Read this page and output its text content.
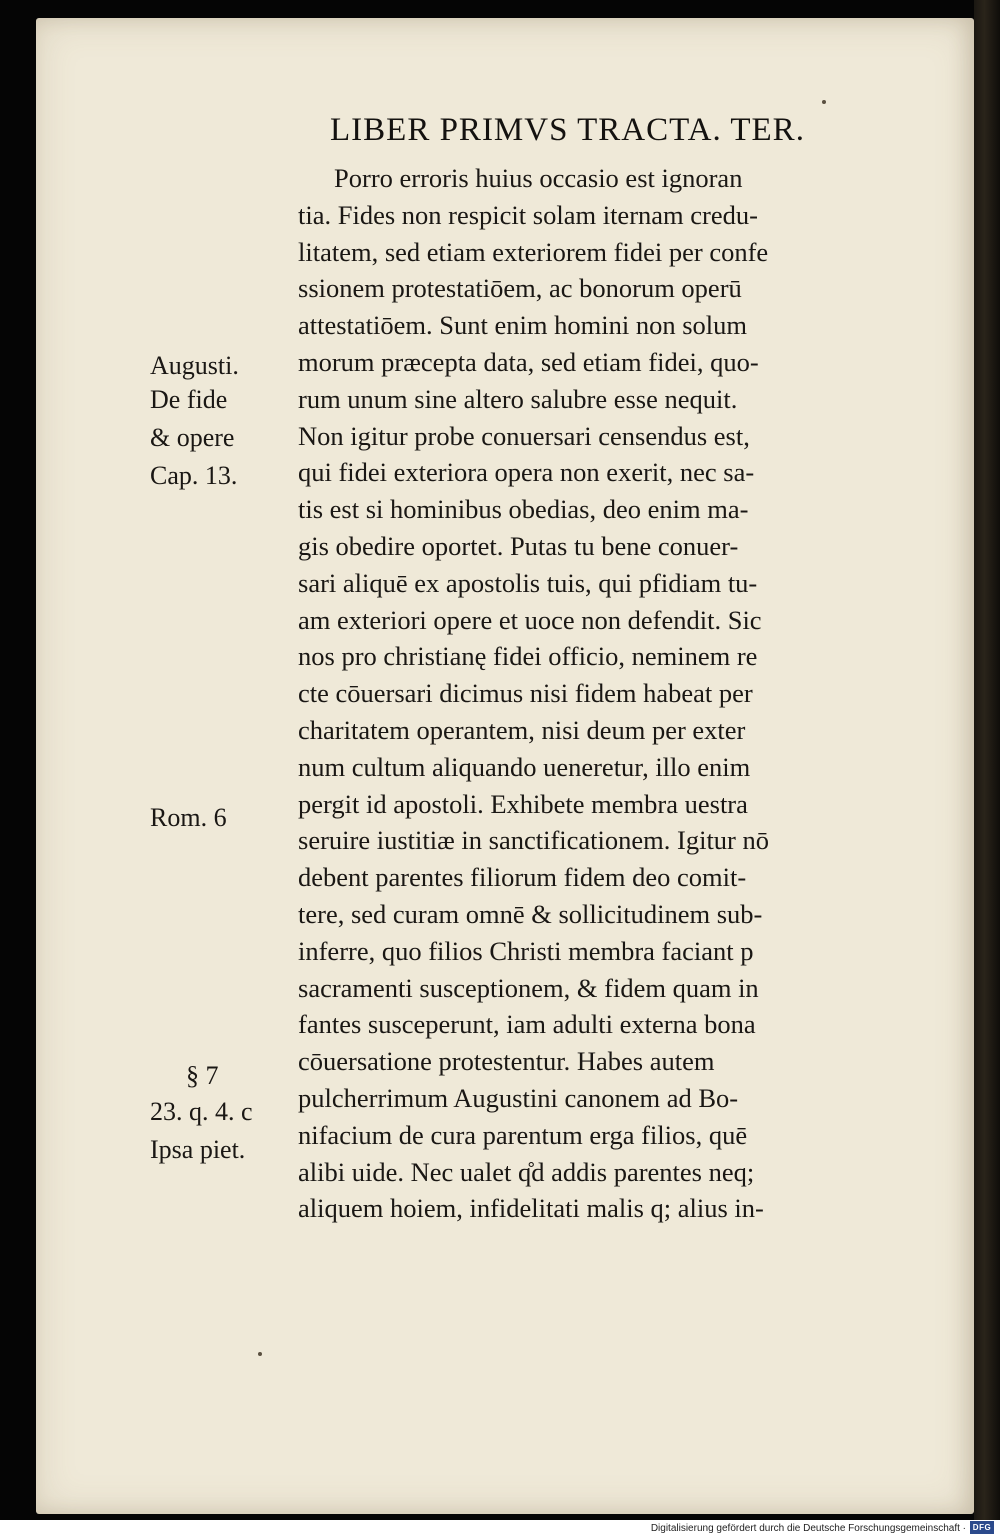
LIBER PRIMVS TRACTA. TER.
Porro erroris huius occasio est ignoran
tia. Fides non respicit solam iternam credu-
litatem, sed etiam exteriorem fidei per confe
ssionem protestatiōem, ac bonorum operū
attestatiōem. Sunt enim homini non solum
morum præcepta data, sed etiam fidei, quo-
rum unum sine altero salubre esse nequit.
Non igitur probe conuersari censendus est,
qui fidei exteriora opera non exerit, nec sa-
tis est si hominibus obedias, deo enim ma-
gis obedire oportet. Putas tu bene conuer-
sari aliquē ex apostolis tuis, qui pfidiam tu-
am exteriori opere et uoce non defendit. Sic
nos pro christianę fidei officio, neminem re
cte cōuersari dicimus nisi fidem habeat per
charitatem operantem, nisi deum per exter
num cultum aliquando ueneretur, illo enim
pergit id apostoli. Exhibete membra uestra
seruire iustitiæ in sanctificationem. Igitur nō
debent parentes filiorum fidem deo comit-
tere, sed curam omnē & sollicitudinem sub-
inferre, quo filios Christi membra faciant p
sacramenti susceptionem, & fidem quam in
fantes susceperunt, iam adulti externa bona
cōuersatione protestentur. Habes autem
pulcherrimum Augustini canonem ad Bo-
nifacium de cura parentum erga filios, quē
alibi uide. Nec ualet q̊d addis parentes neq;
aliquem hoiem, infidelitati malis q; alius in-
Augusti.
De fide
& opere
Cap. 13.
Rom. 6
§ 7
23. q. 4. c
Ipsa piet.
Digitalisierung gefördert durch die Deutsche Forschungsgemeinschaft · DFG
